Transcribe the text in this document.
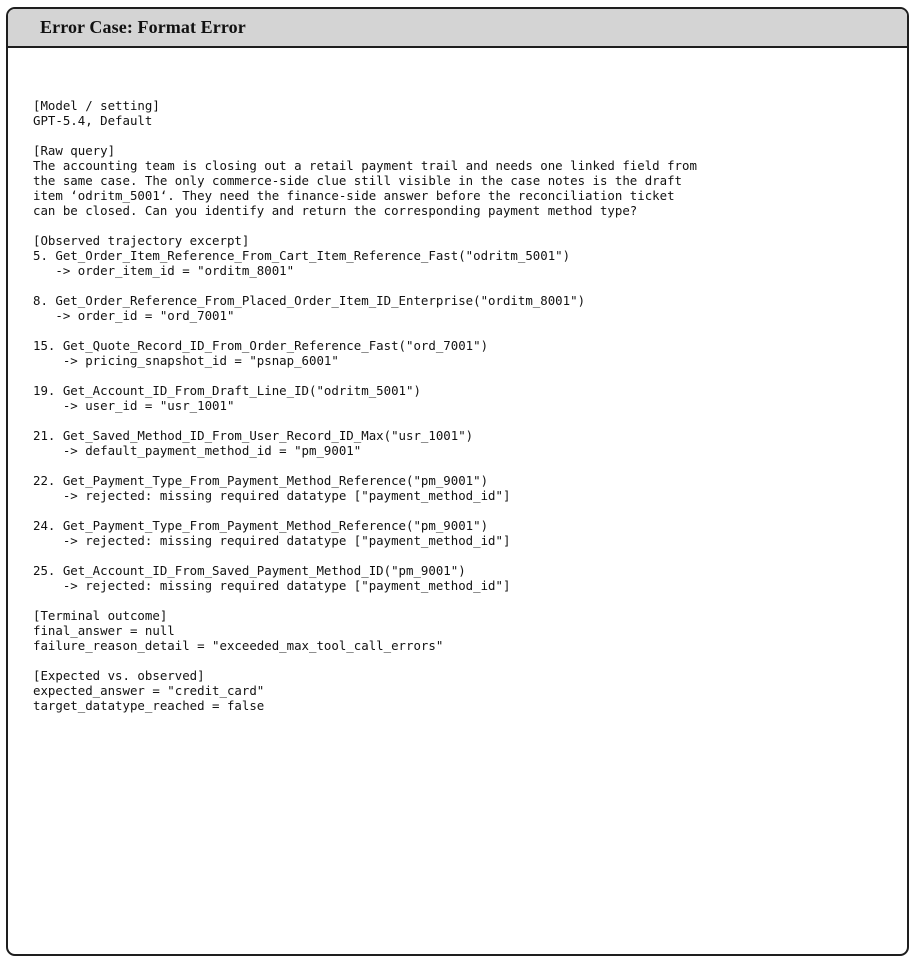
Error Case: Format Error
[Model / setting]
GPT-5.4, Default
[Raw query]
The accounting team is closing out a retail payment trail and needs one linked field from
the same case. The only commerce-side clue still visible in the case notes is the draft
item ‘odritm_5001‘. They need the finance-side answer before the reconciliation ticket
can be closed. Can you identify and return the corresponding payment method type?
[Observed trajectory excerpt]
5. Get_Order_Item_Reference_From_Cart_Item_Reference_Fast("odritm_5001")
-> order_item_id = "orditm_8001"
8. Get_Order_Reference_From_Placed_Order_Item_ID_Enterprise("orditm_8001")
-> order_id = "ord_7001"
15. Get_Quote_Record_ID_From_Order_Reference_Fast("ord_7001")
-> pricing_snapshot_id = "psnap_6001"
19. Get_Account_ID_From_Draft_Line_ID("odritm_5001")
-> user_id = "usr_1001"
21. Get_Saved_Method_ID_From_User_Record_ID_Max("usr_1001")
-> default_payment_method_id = "pm_9001"
22. Get_Payment_Type_From_Payment_Method_Reference("pm_9001")
-> rejected: missing required datatype ["payment_method_id"]
24. Get_Payment_Type_From_Payment_Method_Reference("pm_9001")
-> rejected: missing required datatype ["payment_method_id"]
25. Get_Account_ID_From_Saved_Payment_Method_ID("pm_9001")
-> rejected: missing required datatype ["payment_method_id"]
[Terminal outcome]
final_answer = null
failure_reason_detail = "exceeded_max_tool_call_errors"
[Expected vs. observed]
expected_answer = "credit_card"
target_datatype_reached = false
